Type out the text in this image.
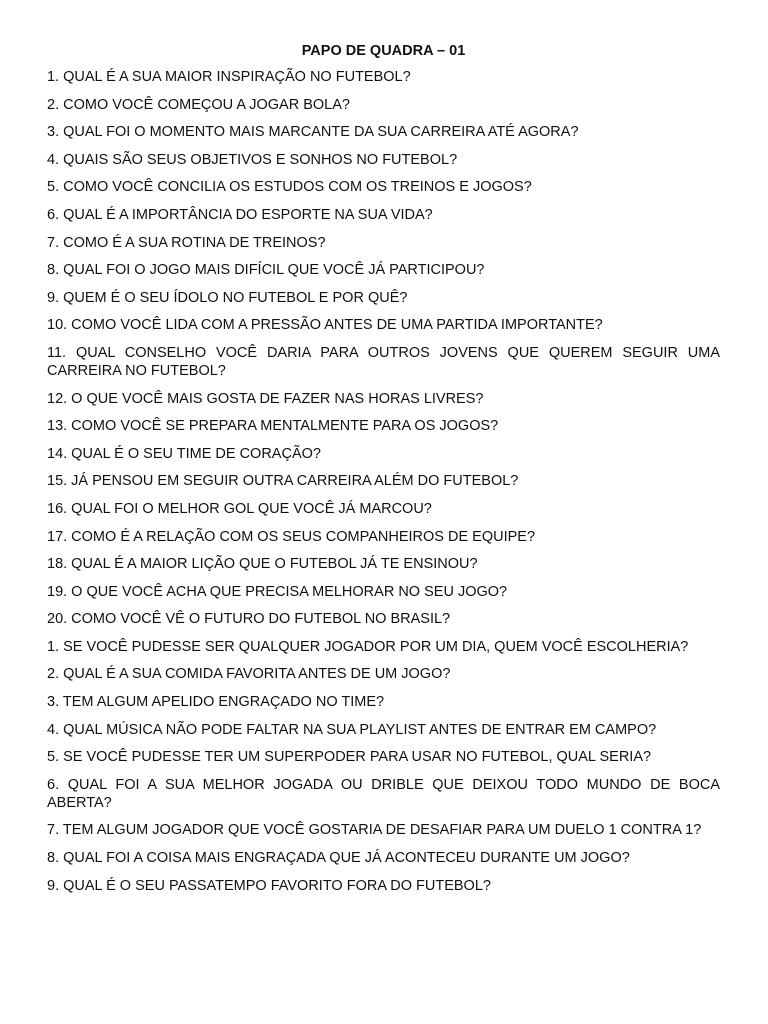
PAPO DE QUADRA – 01
1. QUAL É A SUA MAIOR INSPIRAÇÃO NO FUTEBOL?
2. COMO VOCÊ COMEÇOU A JOGAR BOLA?
3. QUAL FOI O MOMENTO MAIS MARCANTE DA SUA CARREIRA ATÉ AGORA?
4. QUAIS SÃO SEUS OBJETIVOS E SONHOS NO FUTEBOL?
5. COMO VOCÊ CONCILIA OS ESTUDOS COM OS TREINOS E JOGOS?
6. QUAL É A IMPORTÂNCIA DO ESPORTE NA SUA VIDA?
7. COMO É A SUA ROTINA DE TREINOS?
8. QUAL FOI O JOGO MAIS DIFÍCIL QUE VOCÊ JÁ PARTICIPOU?
9. QUEM É O SEU ÍDOLO NO FUTEBOL E POR QUÊ?
10. COMO VOCÊ LIDA COM A PRESSÃO ANTES DE UMA PARTIDA IMPORTANTE?
11. QUAL CONSELHO VOCÊ DARIA PARA OUTROS JOVENS QUE QUEREM SEGUIR UMA CARREIRA NO FUTEBOL?
12. O QUE VOCÊ MAIS GOSTA DE FAZER NAS HORAS LIVRES?
13. COMO VOCÊ SE PREPARA MENTALMENTE PARA OS JOGOS?
14. QUAL É O SEU TIME DE CORAÇÃO?
15. JÁ PENSOU EM SEGUIR OUTRA CARREIRA ALÉM DO FUTEBOL?
16. QUAL FOI O MELHOR GOL QUE VOCÊ JÁ MARCOU?
17. COMO É A RELAÇÃO COM OS SEUS COMPANHEIROS DE EQUIPE?
18. QUAL É A MAIOR LIÇÃO QUE O FUTEBOL JÁ TE ENSINOU?
19. O QUE VOCÊ ACHA QUE PRECISA MELHORAR NO SEU JOGO?
20. COMO VOCÊ VÊ O FUTURO DO FUTEBOL NO BRASIL?
1. SE VOCÊ PUDESSE SER QUALQUER JOGADOR POR UM DIA, QUEM VOCÊ ESCOLHERIA?
2. QUAL É A SUA COMIDA FAVORITA ANTES DE UM JOGO?
3. TEM ALGUM APELIDO ENGRAÇADO NO TIME?
4. QUAL MÚSICA NÃO PODE FALTAR NA SUA PLAYLIST ANTES DE ENTRAR EM CAMPO?
5. SE VOCÊ PUDESSE TER UM SUPERPODER PARA USAR NO FUTEBOL, QUAL SERIA?
6. QUAL FOI A SUA MELHOR JOGADA OU DRIBLE QUE DEIXOU TODO MUNDO DE BOCA ABERTA?
7. TEM ALGUM JOGADOR QUE VOCÊ GOSTARIA DE DESAFIAR PARA UM DUELO 1 CONTRA 1?
8. QUAL FOI A COISA MAIS ENGRAÇADA QUE JÁ ACONTECEU DURANTE UM JOGO?
9. QUAL É O SEU PASSATEMPO FAVORITO FORA DO FUTEBOL?
